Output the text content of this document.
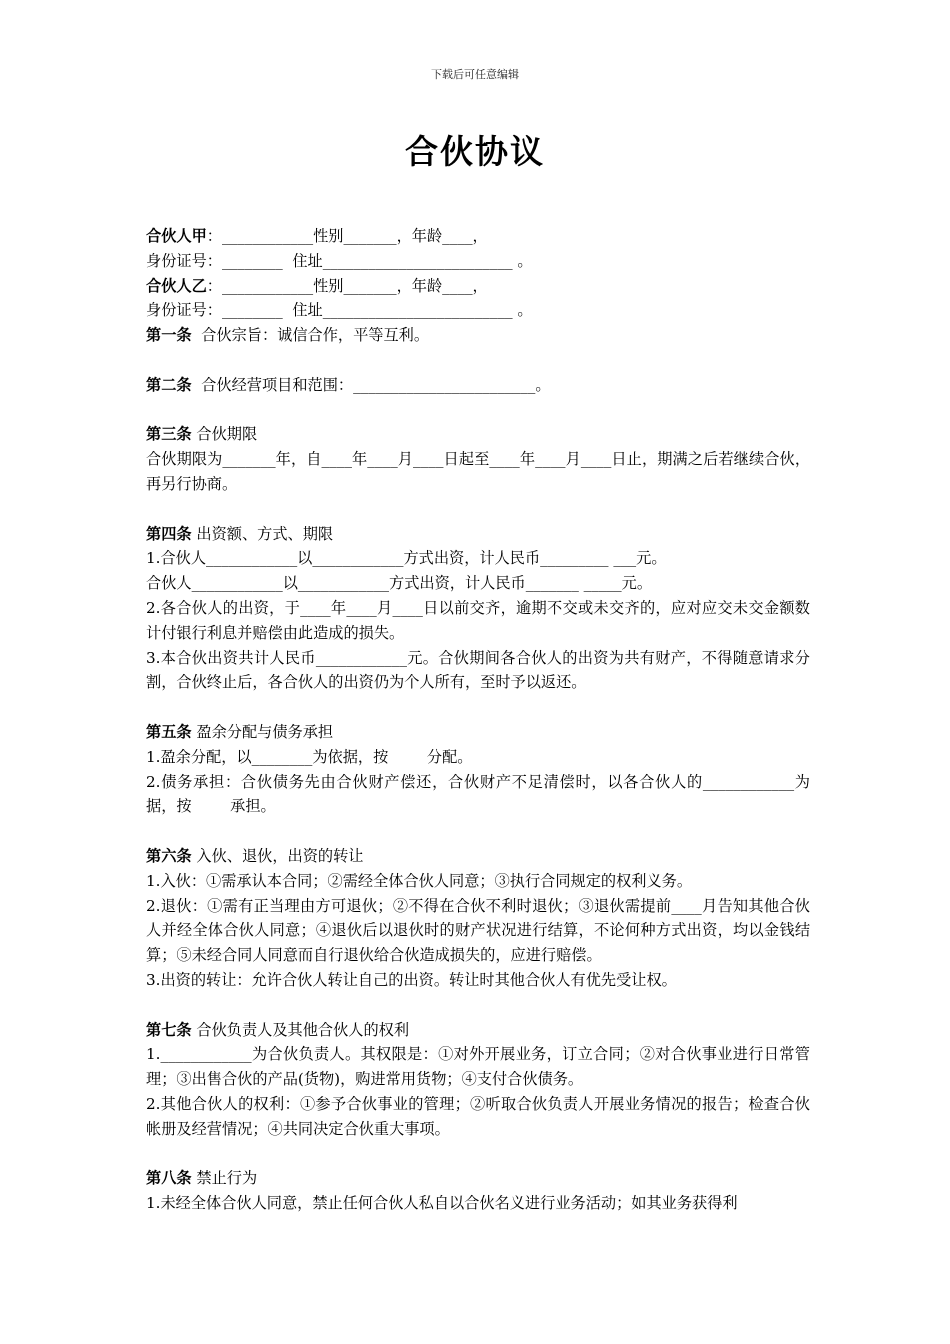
下载后可任意编辑
合伙协议

合伙人甲：____________性别_______，年龄____，

身份证号：________  住址_________________________ 。

合伙人乙：____________性别_______，年龄____，

身份证号：________  住址_________________________ 。

第一条  合伙宗旨：诚信合作，平等互利。

第二条  合伙经营项目和范围：________________________。

第三条 合伙期限

合伙期限为_______年，自____年____月____日起至____年____月____日止，期满之后若继续合伙，再另行协商。

第四条 出资额、方式、期限

1.合伙人____________以____________方式出资，计人民币_________ ___元。

合伙人____________以____________方式出资，计人民币_______ _____元。

2.各合伙人的出资，于____年____月____日以前交齐，逾期不交或未交齐的，应对应交未交金额数计付银行利息并赔偿由此造成的损失。

3.本合伙出资共计人民币____________元。合伙期间各合伙人的出资为共有财产，不得随意请求分割，合伙终止后，各合伙人的出资仍为个人所有，至时予以返还。

第五条 盈余分配与债务承担

1.盈余分配，以________为依据，按        分配。

2.债务承担：合伙债务先由合伙财产偿还，合伙财产不足清偿时，以各合伙人的____________为据，按        承担。

第六条 入伙、退伙，出资的转让

1.入伙：①需承认本合同；②需经全体合伙人同意；③执行合同规定的权利义务。

2.退伙：①需有正当理由方可退伙；②不得在合伙不利时退伙；③退伙需提前____月告知其他合伙人并经全体合伙人同意；④退伙后以退伙时的财产状况进行结算，不论何种方式出资，均以金钱结算；⑤未经合同人同意而自行退伙给合伙造成损失的，应进行赔偿。

3.出资的转让：允许合伙人转让自己的出资。转让时其他合伙人有优先受让权。

第七条 合伙负责人及其他合伙人的权利

1.____________为合伙负责人。其权限是：①对外开展业务，订立合同；②对合伙事业进行日常管理；③出售合伙的产品(货物)，购进常用货物；④支付合伙债务。

2.其他合伙人的权利：①参予合伙事业的管理；②听取合伙负责人开展业务情况的报告；检查合伙帐册及经营情况；④共同决定合伙重大事项。

第八条 禁止行为

1.未经全体合伙人同意，禁止任何合伙人私自以合伙名义进行业务活动；如其业务获得利
